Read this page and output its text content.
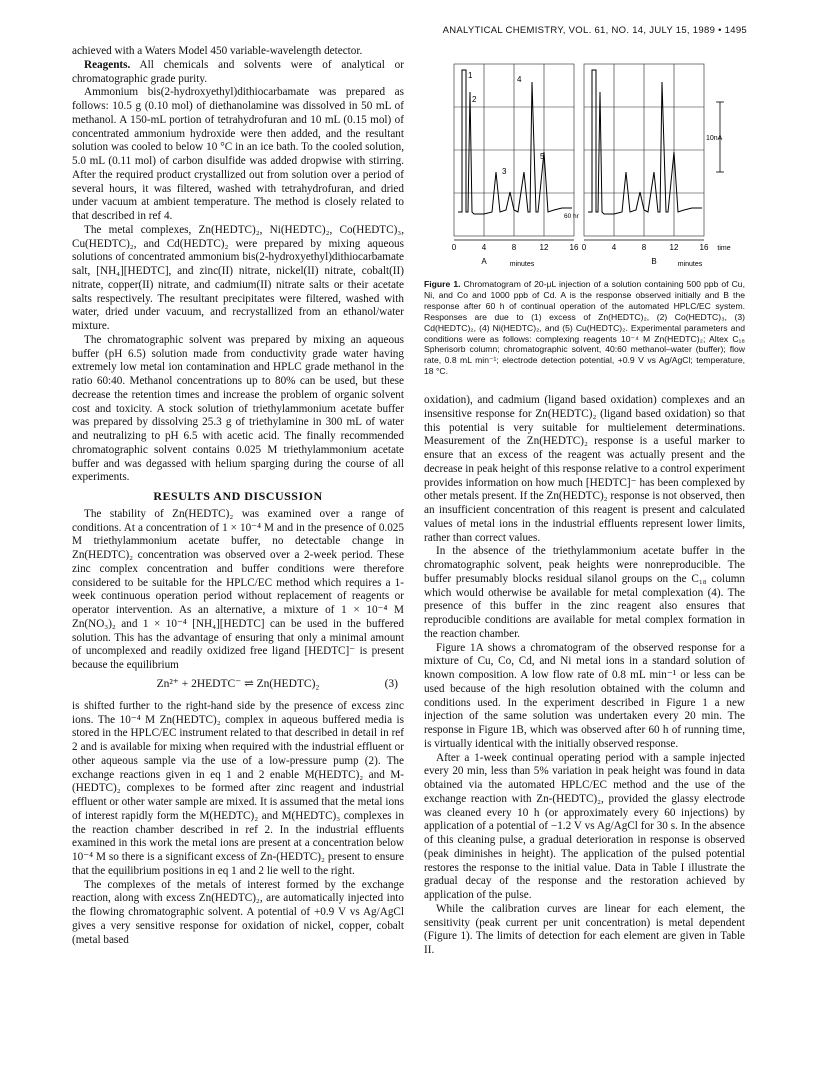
ANALYTICAL CHEMISTRY, VOL. 61, NO. 14, JULY 15, 1989 • 1495

achieved with a Waters Model 450 variable-wavelength detector.

Reagents. All chemicals and solvents were of analytical or chromatographic grade purity.

Ammonium bis(2-hydroxyethyl)dithiocarbamate was prepared as follows: 10.5 g (0.10 mol) of diethanolamine was dissolved in 50 mL of methanol. A 150-mL portion of tetrahydrofuran and 10 mL (0.15 mol) of concentrated ammonium hydroxide were then added, and the resultant solution was cooled to below 10 °C in an ice bath. To the cooled solution, 5.0 mL (0.11 mol) of carbon disulfide was added dropwise with stirring. After the required product crystallized out from solution over a period of several hours, it was filtered, washed with tetrahydrofuran, and dried under vacuum at ambient temperature. The method is closely related to that described in ref 4.

The metal complexes, Zn(HEDTC)₂, Ni(HEDTC)₂, Co(HEDTC)₃, Cu(HEDTC)₂, and Cd(HEDTC)₂ were prepared by mixing aqueous solutions of concentrated ammonium bis(2-hydroxyethyl)dithiocarbamate salt, [NH₄][HEDTC], and zinc(II) nitrate, nickel(II) nitrate, cobalt(II) nitrate, copper(II) nitrate, and cadmium(II) nitrate salts or their acetate salts respectively. The resultant precipitates were filtered, washed with water, dried under vacuum, and recrystallized from an ethanol/water mixture.

The chromatographic solvent was prepared by mixing an aqueous buffer (pH 6.5) solution made from conductivity grade water having extremely low metal ion contamination and HPLC grade methanol in the ratio 60:40. Methanol concentrations up to 80% can be used, but these decrease the retention times and increase the problem of organic solvent cost and toxicity. A stock solution of triethylammonium acetate buffer was prepared by dissolving 25.3 g of triethylamine in 300 mL of water and neutralizing to pH 6.5 with acetic acid. The finally recommended chromatographic solvent contains 0.025 M triethylammonium acetate buffer and was degassed with helium sparging during the course of all experiments.

RESULTS AND DISCUSSION

The stability of Zn(HEDTC)₂ was examined over a range of conditions. At a concentration of 1 × 10⁻⁴ M and in the presence of 0.025 M triethylammonium acetate buffer, no detectable change in Zn(HEDTC)₂ concentration was observed over a 2-week period. These zinc complex concentration and buffer conditions were therefore considered to be suitable for the HPLC/EC method which requires a 1-week continuous operation period without replacement of reagents or operator intervention. As an alternative, a mixture of 1 × 10⁻⁴ M Zn(NO₃)₂ and 1 × 10⁻⁴ [NH₄][HEDTC] can be used in the buffered solution. This has the advantage of ensuring that only a minimal amount of uncomplexed and readily oxidized free ligand [HEDTC]⁻ is present because the equilibrium

Zn²⁺ + 2HEDTC⁻ ⇌ Zn(HEDTC)₂	(3)

is shifted further to the right-hand side by the presence of excess zinc ions. The 10⁻⁴ M Zn(HEDTC)₂ complex in aqueous buffered media is stored in the HPLC/EC instrument related to that described in detail in ref 2 and is available for mixing when required with the industrial effluent or other aqueous sample via the use of a low-pressure pump (2). The exchange reactions given in eq 1 and 2 enable M(HEDTC)₂ and M-(HEDTC)₂ complexes to be formed after zinc reagent and industrial effluent or other water sample are mixed. It is assumed that the metal ions of interest rapidly form the M(HEDTC)₂ and M(HEDTC)₃ complexes in the reaction chamber described in ref 2. In the industrial effluents examined in this work the metal ions are present at a concentration below 10⁻⁴ M so there is a significant excess of Zn-(HEDTC)₂ present to ensure that the equilibrium positions in eq 1 and 2 lie well to the right.

The complexes of the metals of interest formed by the exchange reaction, along with excess Zn(HEDTC)₂, are automatically injected into the flowing chromatographic solvent. A potential of +0.9 V vs Ag/AgCl gives a very sensitive response for oxidation of nickel, copper, cobalt (metal based

1
2
3
4
5
10nA
60 hr
0	4	8	12	16 0	4	8	12	16 time
A	minutes	B	minutes
Figure 1. Chromatogram of 20-μL injection of a solution containing 500 ppb of Cu, Ni, and Co and 1000 ppb of Cd. A is the response observed initially and B the response after 60 h of continual operation of the automated HPLC/EC system. Responses are due to (1) excess of Zn(HEDTC)₂, (2) Co(HEDTC)₃, (3) Cd(HEDTC)₂, (4) Ni(HEDTC)₂, and (5) Cu(HEDTC)₂. Experimental parameters and conditions were as follows: complexing reagents 10⁻⁴ M Zn(HEDTC)₂; Altex C₁₈ Spherisorb column; chromatographic solvent, 40:60 methanol–water (buffer); flow rate, 0.8 mL min⁻¹; electrode detection potential, +0.9 V vs Ag/AgCl; temperature, 18 °C.

oxidation), and cadmium (ligand based oxidation) complexes and an insensitive response for Zn(HEDTC)₂ (ligand based oxidation) so that this potential is very suitable for multielement determinations. Measurement of the Zn(HEDTC)₂ response is a useful marker to ensure that an excess of the reagent was actually present and the decrease in peak height of this response relative to a control experiment provides information on how much [HEDTC]⁻ has been complexed by other metals present. If the Zn(HEDTC)₂ response is not observed, then an insufficient concentration of this reagent is present and calculated values of metal ions in the industrial effluents represent lower limits, rather than correct values.

In the absence of the triethylammonium acetate buffer in the chromatographic solvent, peak heights were nonreproducible. The buffer presumably blocks residual silanol groups on the C₁₈ column which would otherwise be available for metal complexation (4). The presence of this buffer in the zinc reagent also ensures that reproducible conditions are available for metal complex formation in the reaction chamber.

Figure 1A shows a chromatogram of the observed response for a mixture of Cu, Co, Cd, and Ni metal ions in a standard solution of known composition. A low flow rate of 0.8 mL min⁻¹ or less can be used because of the high resolution obtained with the column and conditions used. In the experiment described in Figure 1 a new injection of the same solution was undertaken every 20 min. The response in Figure 1B, which was observed after 60 h of running time, is virtually identical with the initially observed response.

After a 1-week continual operating period with a sample injected every 20 min, less than 5% variation in peak height was found in data obtained via the automated HPLC/EC method and the use of the exchange reaction with Zn-(HEDTC)₂, provided the glassy electrode was cleaned every 10 h (or approximately every 60 injections) by application of a potential of −1.2 V vs Ag/AgCl for 30 s. In the absence of this cleaning pulse, a gradual deterioration in response is observed (peak diminishes in height). The application of the pulsed potential restores the response to the initial value. Data in Table I illustrate the gradual decay of the response and the restoration achieved by application of the pulse.

While the calibration curves are linear for each element, the sensitivity (peak current per unit concentration) is metal dependent (Figure 1). The limits of detection for each element are given in Table II.
